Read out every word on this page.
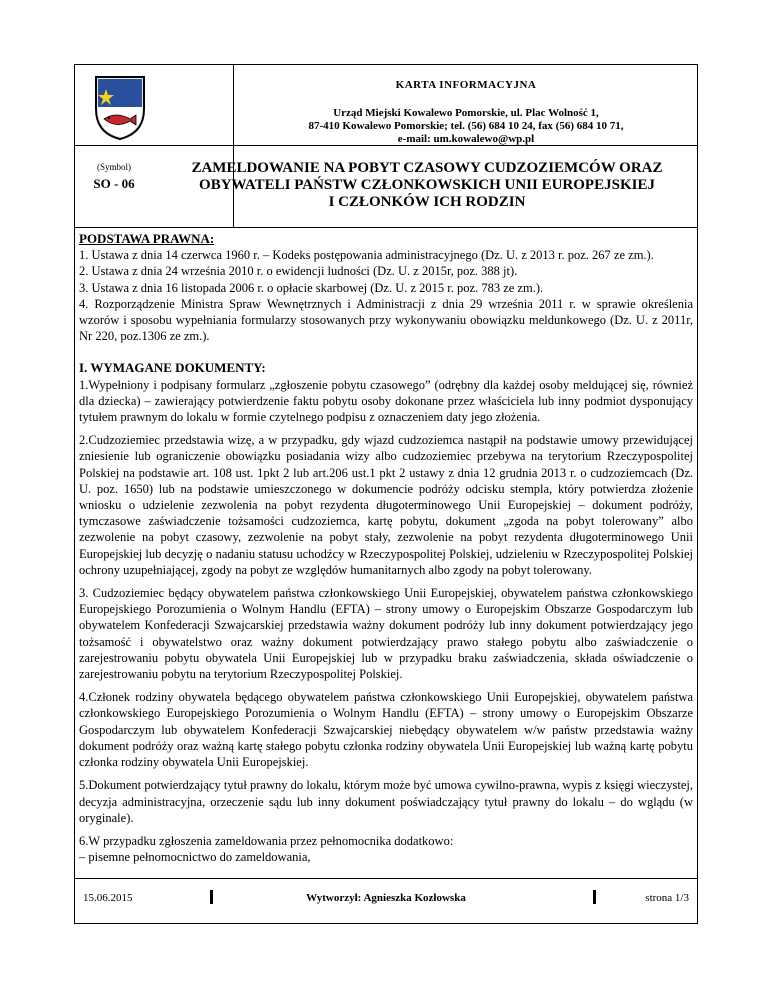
KARTA INFORMACYJNA
Urząd Miejski Kowalewo Pomorskie, ul. Plac Wolność 1,
87-410 Kowalewo Pomorskie; tel. (56) 684 10 24, fax (56) 684 10 71,
e-mail: um.kowalewo@wp.pl
(Symbol)
SO - 06
ZAMELDOWANIE NA POBYT CZASOWY CUDZOZIEMCÓW ORAZ
OBYWATELI PAŃSTW CZŁONKOWSKICH UNII EUROPEJSKIEJ
I CZŁONKÓW ICH RODZIN
PODSTAWA PRAWNA:

1. Ustawa z dnia 14 czerwca 1960 r. – Kodeks postępowania administracyjnego (Dz. U. z 2013 r. poz. 267 ze zm.).

2. Ustawa z dnia 24 września 2010 r. o ewidencji ludności (Dz. U. z 2015r, poz. 388 jt).

3. Ustawa z dnia 16 listopada 2006 r. o opłacie skarbowej (Dz. U. z 2015 r. poz. 783 ze zm.).

4. Rozporządzenie Ministra Spraw Wewnętrznych i Administracji z dnia 29 września 2011 r. w sprawie określenia wzorów i sposobu wypełniania formularzy stosowanych przy wykonywaniu obowiązku meldunkowego (Dz. U. z 2011r, Nr 220, poz.1306 ze zm.).

I. WYMAGANE DOKUMENTY:

1.Wypełniony i podpisany formularz „zgłoszenie pobytu czasowego” (odrębny dla każdej osoby meldującej się, również dla dziecka) – zawierający potwierdzenie faktu pobytu osoby dokonane przez właściciela lub inny podmiot dysponujący tytułem prawnym do lokalu w formie czytelnego podpisu z oznaczeniem daty jego złożenia.

2.Cudzoziemiec przedstawia wizę, a w przypadku, gdy wjazd cudzoziemca nastąpił na podstawie umowy przewidującej zniesienie lub ograniczenie obowiązku posiadania wizy albo cudzoziemiec przebywa na terytorium Rzeczypospolitej Polskiej na podstawie art. 108 ust. 1pkt 2 lub art.206 ust.1 pkt 2 ustawy z dnia 12 grudnia 2013 r. o cudzoziemcach (Dz. U. poz. 1650) lub na podstawie umieszczonego w dokumencie podróży odcisku stempla, który potwierdza złożenie wniosku o udzielenie zezwolenia na pobyt rezydenta długoterminowego Unii Europejskiej – dokument podróży, tymczasowe zaświadczenie tożsamości cudzoziemca, kartę pobytu, dokument „zgoda na pobyt tolerowany” albo zezwolenie na pobyt czasowy, zezwolenie na pobyt stały, zezwolenie na pobyt rezydenta długoterminowego Unii Europejskiej lub decyzję o nadaniu statusu uchodźcy w Rzeczypospolitej Polskiej, udzieleniu w Rzeczypospolitej Polskiej ochrony uzupełniającej, zgody na pobyt ze względów humanitarnych albo zgody na pobyt tolerowany.

3. Cudzoziemiec będący obywatelem państwa członkowskiego Unii Europejskiej, obywatelem państwa członkowskiego Europejskiego Porozumienia o Wolnym Handlu (EFTA) – strony umowy o Europejskim Obszarze Gospodarczym lub obywatelem Konfederacji Szwajcarskiej przedstawia ważny dokument podróży lub inny dokument potwierdzający jego tożsamość i obywatelstwo oraz ważny dokument potwierdzający prawo stałego pobytu albo zaświadczenie o zarejestrowaniu pobytu obywatela Unii Europejskiej lub w przypadku braku zaświadczenia, składa oświadczenie o zarejestrowaniu pobytu na terytorium Rzeczypospolitej Polskiej.

4.Członek rodziny obywatela będącego obywatelem państwa członkowskiego Unii Europejskiej, obywatelem państwa członkowskiego Europejskiego Porozumienia o Wolnym Handlu (EFTA) – strony umowy o Europejskim Obszarze Gospodarczym lub obywatelem Konfederacji Szwajcarskiej niebędący obywatelem w/w państw przedstawia ważny dokument podróży oraz ważną kartę stałego pobytu członka rodziny obywatela Unii Europejskiej lub ważną kartę pobytu członka rodziny obywatela Unii Europejskiej.

5.Dokument potwierdzający tytuł prawny do lokalu, którym może być umowa cywilno-prawna, wypis z księgi wieczystej, decyzja administracyjna, orzeczenie sądu lub inny dokument poświadczający tytuł prawny do lokalu – do wglądu (w oryginale).

6.W przypadku zgłoszenia zameldowania przez pełnomocnika dodatkowo:
– pisemne pełnomocnictwo do zameldowania,

15.06.2015	Wytworzył: Agnieszka Kozłowska	strona 1/3
